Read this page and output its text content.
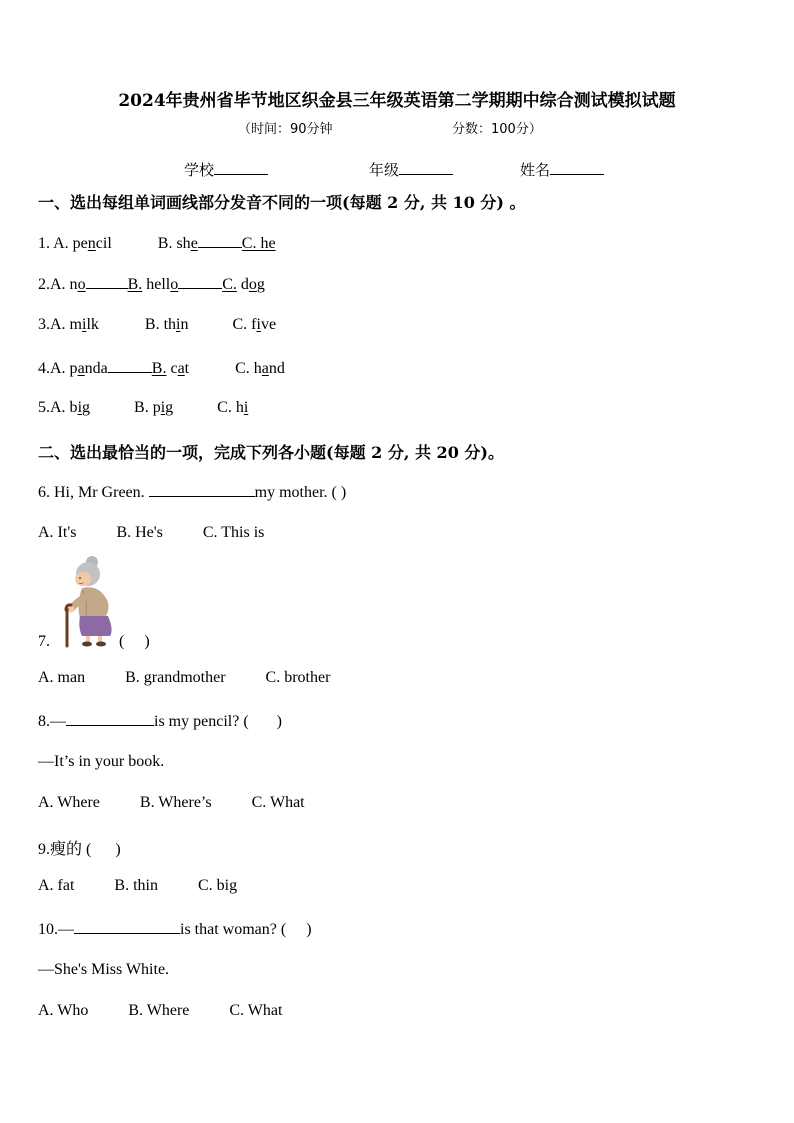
2024年贵州省毕节地区织金县三年级英语第二学期期中综合测试模拟试题
（时间：90分钟	分数：100分）
学校	年级	姓名
一、选出每组单词画线部分发音不同的一项(每题 2 分, 共 10 分) 。
1. A. pencil	B. she	C. he
2.A. no	B. hello	C. dog
3.A. milk	B. thin	C. five
4.A. panda	B. cat	C. hand
5.A. big	B. pig	C. hi
二、选出最恰当的一项，完成下列各小题(每题 2 分, 共 20 分)。
6. Hi, Mr Green.	my mother. ( )
A. It's          B. He's          C. This is
7.	(     )
A. man          B. grandmother          C. brother
8.—	is my pencil? (       )
—It’s in your book.
A. Where          B. Where’s          C. What
9.瘦的 (      )
A. fat          B. thin          C. big
10.—	is that woman? (     )
—She's Miss White.
A. Who          B. Where          C. What
